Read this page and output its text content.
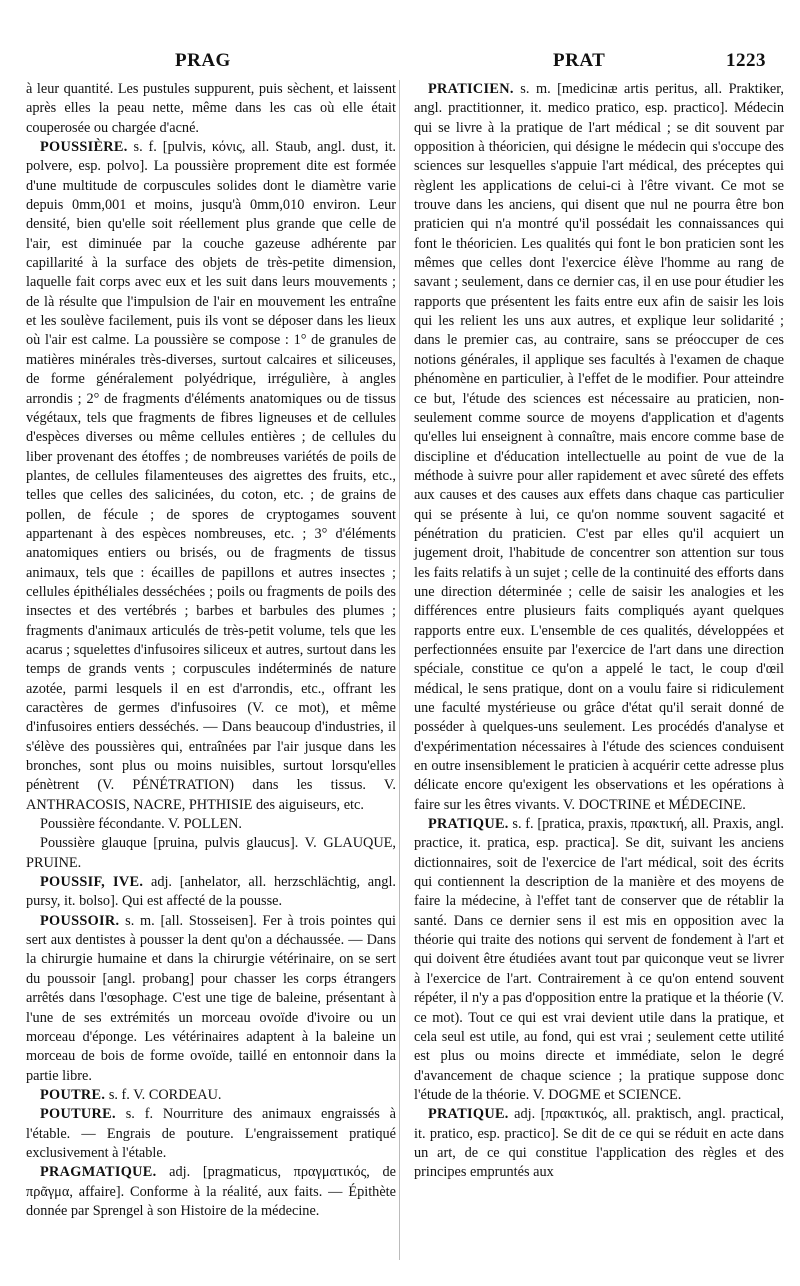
PRAG	PRAT	1223

à leur quantité. Les pustules suppurent, puis sèchent, et laissent après elles la peau nette, même dans les cas où elle était couperosée ou chargée d'acné.

POUSSIÈRE. s. f. [pulvis, κόνις, all. Staub, angl. dust, it. polvere, esp. polvo]. La poussière proprement dite est formée d'une multitude de corpuscules solides dont le diamètre varie depuis 0mm,001 et moins, jusqu'à 0mm,010 environ. Leur densité, bien qu'elle soit réellement plus grande que celle de l'air, est diminuée par la couche gazeuse adhérente par capillarité à la surface des objets de très-petite dimension, laquelle fait corps avec eux et les suit dans leurs mouvements ; de là résulte que l'impulsion de l'air en mouvement les entraîne et les soulève facilement, puis ils vont se déposer dans les lieux où l'air est calme. La poussière se compose : 1° de granules de matières minérales très-diverses, surtout calcaires et siliceuses, de forme généralement polyédrique, irrégulière, à angles arrondis ; 2° de fragments d'éléments anatomiques ou de tissus végétaux, tels que fragments de fibres ligneuses et de cellules d'espèces diverses ou même cellules entières ; de cellules du liber provenant des étoffes ; de nombreuses variétés de poils de plantes, de cellules filamenteuses des aigrettes des fruits, etc., telles que celles des salicinées, du coton, etc. ; de grains de pollen, de fécule ; de spores de cryptogames souvent appartenant à des espèces nombreuses, etc. ; 3° d'éléments anatomiques entiers ou brisés, ou de fragments de tissus animaux, tels que : écailles de papillons et autres insectes ; cellules épithéliales desséchées ; poils ou fragments de poils des insectes et des vertébrés ; barbes et barbules des plumes ; fragments d'animaux articulés de très-petit volume, tels que les acarus ; squelettes d'infusoires siliceux et autres, surtout dans les temps de grands vents ; corpuscules indéterminés de nature azotée, parmi lesquels il en est d'arrondis, etc., offrant les caractères de germes d'infusoires (V. ce mot), et même d'infusoires entiers desséchés. — Dans beaucoup d'industries, il s'élève des poussières qui, entraînées par l'air jusque dans les bronches, sont plus ou moins nuisibles, surtout lorsqu'elles pénètrent (V. PÉNÉTRATION) dans les tissus. V. ANTHRACOSIS, NACRE, PHTHISIE des aiguiseurs, etc.

Poussière fécondante. V. POLLEN.

Poussière glauque [pruina, pulvis glaucus]. V. GLAUQUE, PRUINE.

POUSSIF, IVE. adj. [anhelator, all. herzschlächtig, angl. pursy, it. bolso]. Qui est affecté de la pousse.

POUSSOIR. s. m. [all. Stosseisen]. Fer à trois pointes qui sert aux dentistes à pousser la dent qu'on a déchaussée. — Dans la chirurgie humaine et dans la chirurgie vétérinaire, on se sert du poussoir [angl. probang] pour chasser les corps étrangers arrêtés dans l'œsophage. C'est une tige de baleine, présentant à l'une de ses extrémités un morceau ovoïde d'ivoire ou un morceau d'éponge. Les vétérinaires adaptent à la baleine un morceau de bois de forme ovoïde, taillé en entonnoir dans la partie libre.

POUTRE. s. f. V. CORDEAU.

POUTURE. s. f. Nourriture des animaux engraissés à l'étable. — Engrais de pouture. L'engraissement pratiqué exclusivement à l'étable.

PRAGMATIQUE. adj. [pragmaticus, πραγματικός, de πρᾶγμα, affaire]. Conforme à la réalité, aux faits. — Épithète donnée par Sprengel à son Histoire de la médecine.

PRATICIEN. s. m. [medicinæ artis peritus, all. Praktiker, angl. practitionner, it. medico pratico, esp. practico]. Médecin qui se livre à la pratique de l'art médical ; se dit souvent par opposition à théoricien, qui désigne le médecin qui s'occupe des sciences sur lesquelles s'appuie l'art médical, des préceptes qui règlent les applications de celui-ci à l'être vivant. Ce mot se trouve dans les anciens, qui disent que nul ne pourra être bon praticien qui n'a montré qu'il possédait les connaissances qui font le théoricien. Les qualités qui font le bon praticien sont les mêmes que celles dont l'exercice élève l'homme au rang de savant ; seulement, dans ce dernier cas, il en use pour étudier les rapports que présentent les faits entre eux afin de saisir les lois qui les relient les uns aux autres, et explique leur solidarité ; dans le premier cas, au contraire, sans se préoccuper de ces notions générales, il applique ses facultés à l'examen de chaque phénomène en particulier, à l'effet de le modifier. Pour atteindre ce but, l'étude des sciences est nécessaire au praticien, non-seulement comme source de moyens d'application et d'agents qu'elles lui enseignent à connaître, mais encore comme base de discipline et d'éducation intellectuelle au point de vue de la méthode à suivre pour aller rapidement et avec sûreté des effets aux causes et des causes aux effets dans chaque cas particulier qui se présente à lui, ce qu'on nomme souvent sagacité et pénétration du praticien. C'est par elles qu'il acquiert un jugement droit, l'habitude de concentrer son attention sur tous les faits relatifs à un sujet ; celle de la continuité des efforts dans une direction déterminée ; celle de saisir les analogies et les différences entre plusieurs faits compliqués ayant quelques rapports entre eux. L'ensemble de ces qualités, développées et perfectionnées ensuite par l'exercice de l'art dans une direction spéciale, constitue ce qu'on a appelé le tact, le coup d'œil médical, le sens pratique, dont on a voulu faire si ridiculement une faculté mystérieuse ou grâce d'état qu'il serait donné de posséder à quelques-uns seulement. Les procédés d'analyse et d'expérimentation nécessaires à l'étude des sciences conduisent en outre insensiblement le praticien à acquérir cette adresse plus délicate encore qu'exigent les observations et les opérations à faire sur les êtres vivants. V. DOCTRINE et MÉDECINE.

PRATIQUE. s. f. [pratica, praxis, πρακτική, all. Praxis, angl. practice, it. pratica, esp. practica]. Se dit, suivant les anciens dictionnaires, soit de l'exercice de l'art médical, soit des écrits qui contiennent la description de la manière et des moyens de faire la médecine, à l'effet tant de conserver que de rétablir la santé. Dans ce dernier sens il est mis en opposition avec la théorie qui traite des notions qui servent de fondement à l'art et qui doivent être étudiées avant tout par quiconque veut se livrer à l'exercice de l'art. Contrairement à ce qu'on entend souvent répéter, il n'y a pas d'opposition entre la pratique et la théorie (V. ce mot). Tout ce qui est vrai devient utile dans la pratique, et cela seul est utile, au fond, qui est vrai ; seulement cette utilité est plus ou moins directe et immédiate, selon le degré d'avancement de chaque science ; la pratique suppose donc l'étude de la théorie. V. DOGME et SCIENCE.

PRATIQUE. adj. [πρακτικός, all. praktisch, angl. practical, it. pratico, esp. practico]. Se dit de ce qui se réduit en acte dans un art, de ce qui constitue l'application des règles et des principes empruntés aux
